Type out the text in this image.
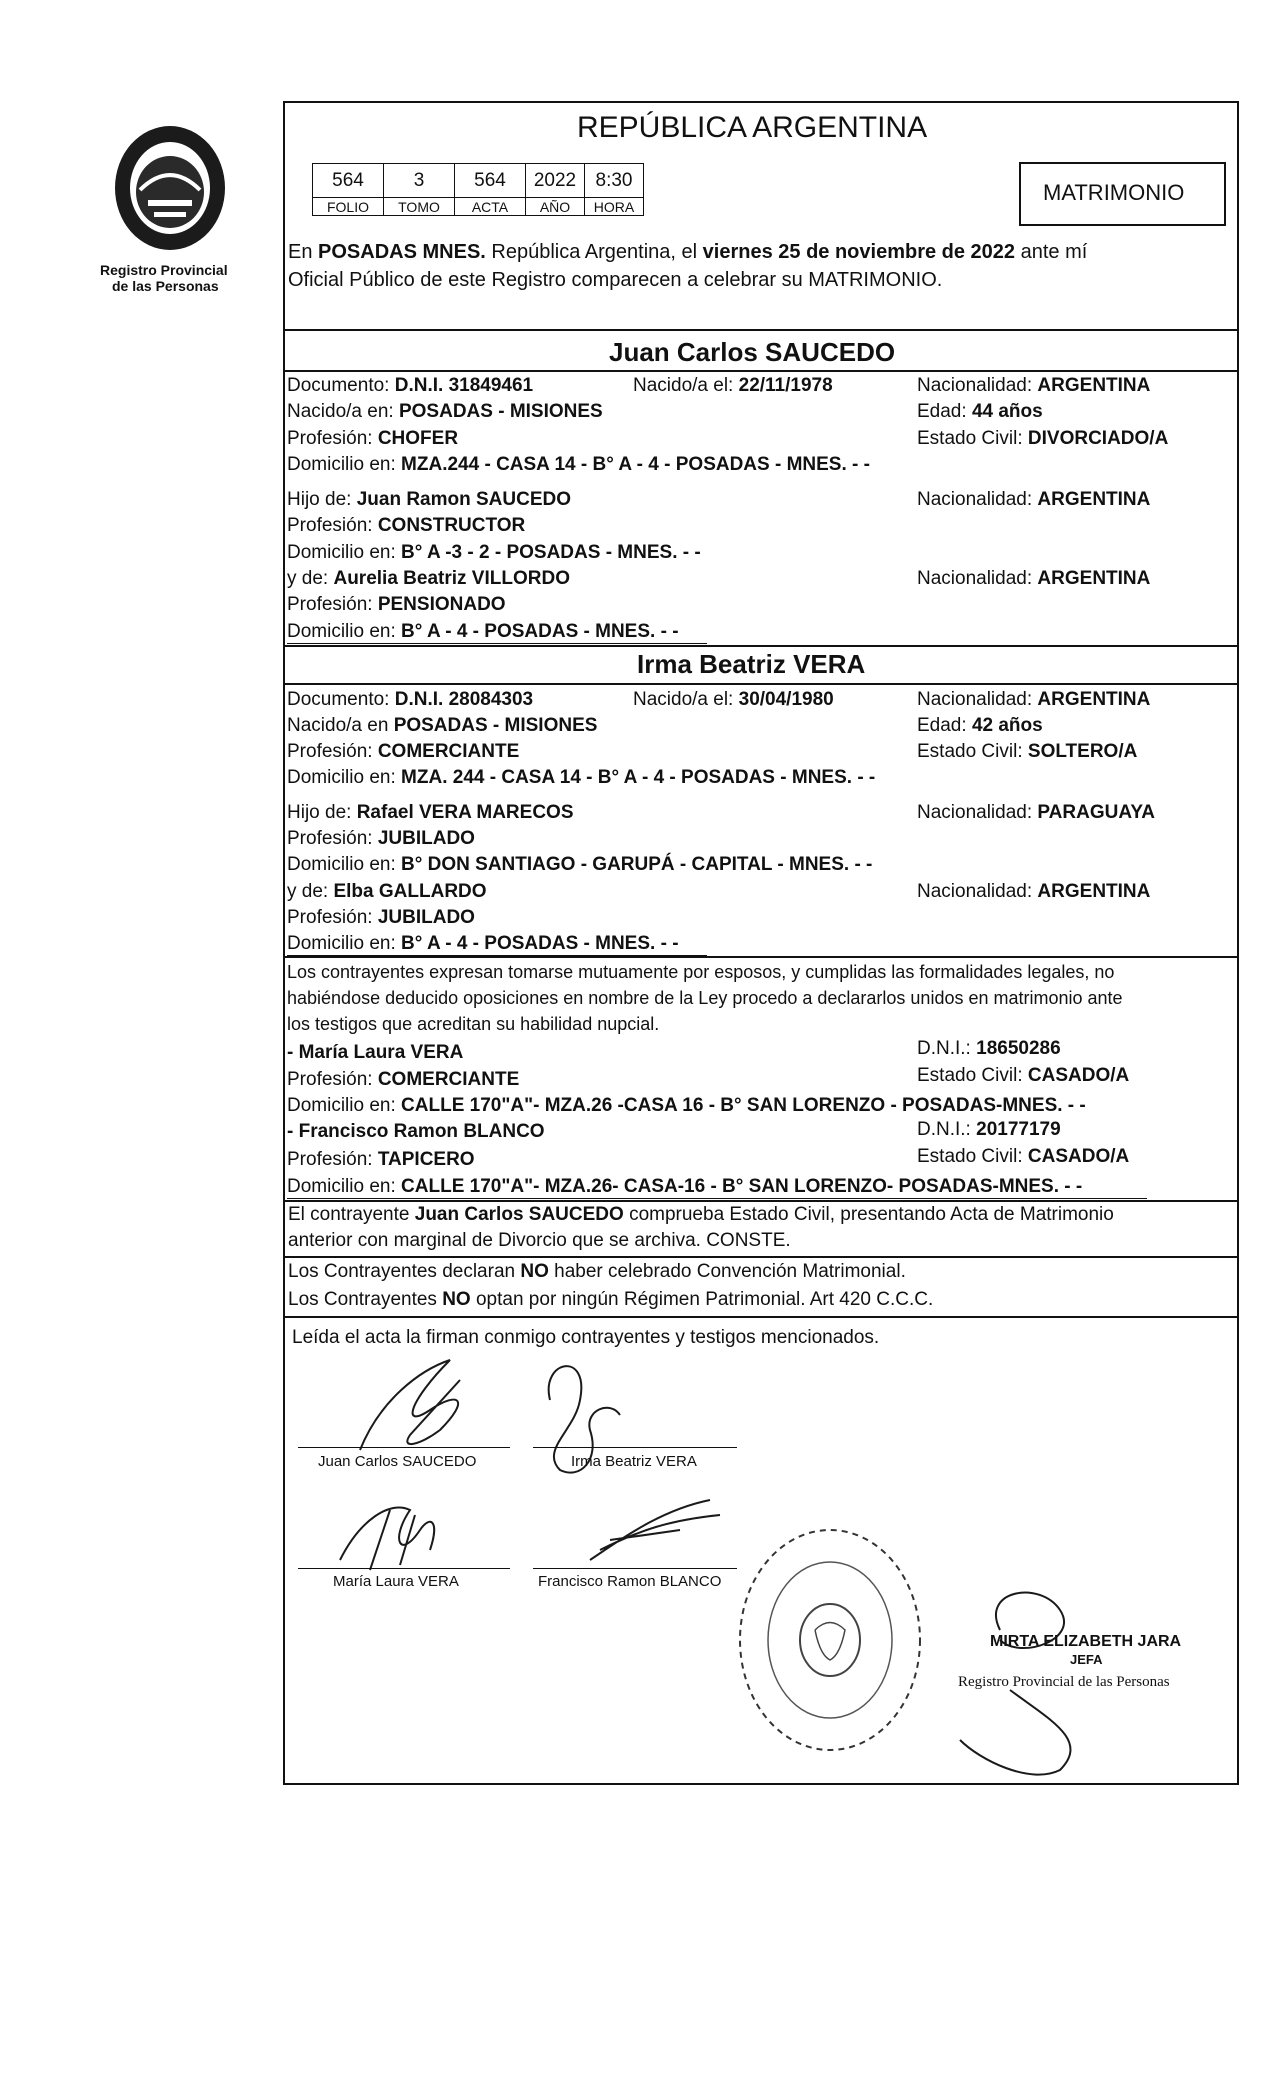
Registro Provincial
de las Personas
REPÚBLICA ARGENTINA
564	3	564	2022	8:30
FOLIO	TOMO	ACTA	AÑO	HORA
MATRIMONIO
En POSADAS MNES. República Argentina, el viernes 25 de noviembre de 2022 ante mí
Oficial Público de este Registro comparecen a celebrar su MATRIMONIO.
Juan Carlos SAUCEDO
Documento: D.N.I. 31849461	Nacido/a el: 22/11/1978	Nacionalidad: ARGENTINA
Nacido/a en: POSADAS - MISIONES	Edad: 44 años
Profesión: CHOFER	Estado Civil: DIVORCIADO/A
Domicilio en: MZA.244 - CASA 14 - B° A - 4 - POSADAS - MNES. - -
Hijo de: Juan Ramon SAUCEDO	Nacionalidad: ARGENTINA
Profesión: CONSTRUCTOR
Domicilio en: B° A -3 - 2 - POSADAS - MNES. - -
y de: Aurelia Beatriz VILLORDO	Nacionalidad: ARGENTINA
Profesión: PENSIONADO
Domicilio en: B° A - 4 - POSADAS - MNES. - -
Irma Beatriz VERA
Documento: D.N.I. 28084303	Nacido/a el: 30/04/1980	Nacionalidad: ARGENTINA
Nacido/a en POSADAS - MISIONES	Edad: 42 años
Profesión: COMERCIANTE	Estado Civil: SOLTERO/A
Domicilio en: MZA. 244 - CASA 14 - B° A - 4 - POSADAS - MNES. - -
Hijo de: Rafael VERA MARECOS	Nacionalidad: PARAGUAYA
Profesión: JUBILADO
Domicilio en: B° DON SANTIAGO - GARUPÁ - CAPITAL - MNES. - -
y de: Elba GALLARDO	Nacionalidad: ARGENTINA
Profesión: JUBILADO
Domicilio en: B° A - 4 - POSADAS - MNES. - -
Los contrayentes expresan tomarse mutuamente por esposos, y cumplidas las formalidades legales, no
habiéndose deducido oposiciones en nombre de la Ley procedo a declararlos unidos en matrimonio ante
los testigos que acreditan su habilidad nupcial.
- María Laura VERA	D.N.I.: 18650286
Profesión: COMERCIANTE	Estado Civil: CASADO/A
Domicilio en: CALLE 170"A"- MZA.26 -CASA 16 - B° SAN LORENZO - POSADAS-MNES. - -
- Francisco Ramon BLANCO	D.N.I.: 20177179
Profesión: TAPICERO	Estado Civil: CASADO/A
Domicilio en: CALLE 170"A"- MZA.26- CASA-16 - B° SAN LORENZO- POSADAS-MNES. - -
El contrayente Juan Carlos SAUCEDO comprueba Estado Civil, presentando Acta de Matrimonio
anterior con marginal de Divorcio que se archiva. CONSTE.
Los Contrayentes declaran NO haber celebrado Convención Matrimonial.
Los Contrayentes NO optan por ningún Régimen Patrimonial. Art 420 C.C.C.
Leída el acta la firman conmigo contrayentes y testigos mencionados.
Juan Carlos SAUCEDO	Irma Beatriz VERA
María Laura VERA	Francisco Ramon BLANCO
MIRTA ELIZABETH JARA
JEFA
Registro Provincial de las Personas
